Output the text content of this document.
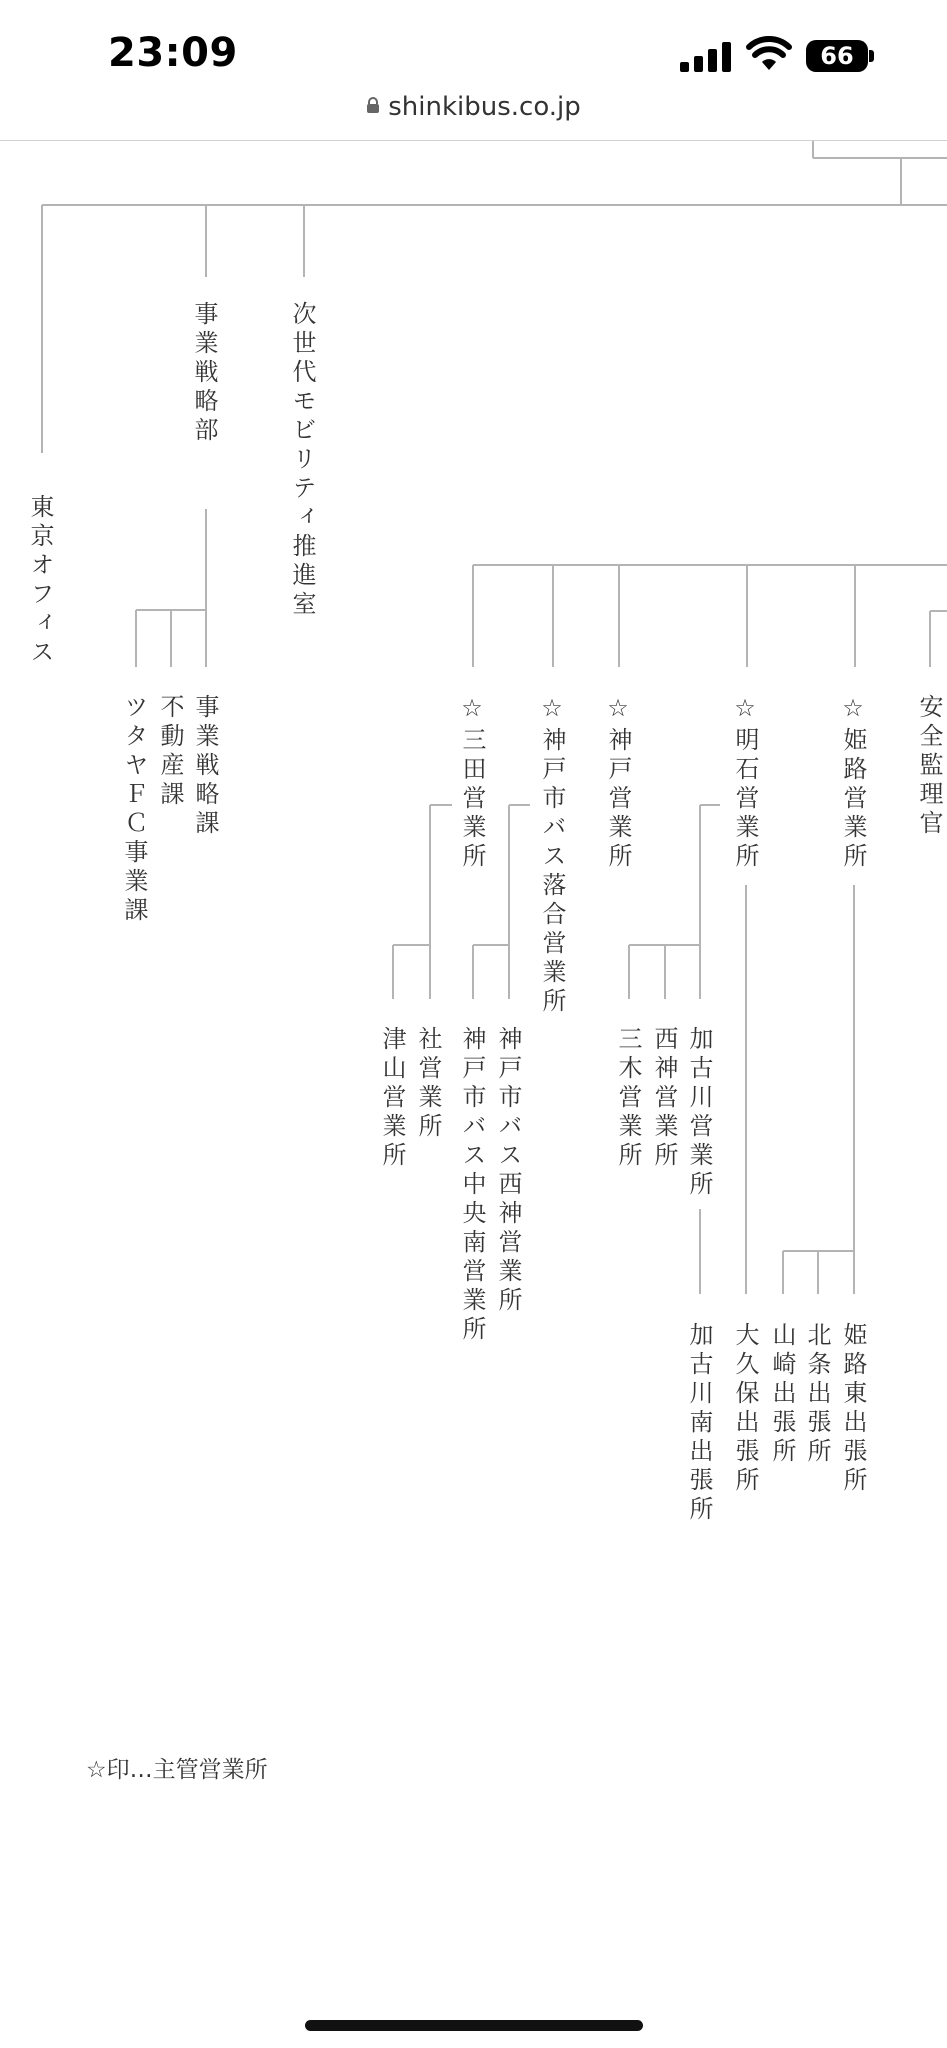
23:09	66
shinkibus.co.jp
東京オフィス
事業戦略部	次世代モビリティ推進室
事業戦略課
不動産課
ツタヤＦＣ事業課	☆三田営業所 ☆神戸市バス落合営業所 ☆神戸営業所	☆明石営業所	☆姫路営業所 安全監理官
社営業所
津山営業所	神戸市バス西神営業所
神戸市バス中央南営業所	加古川営業所
西神営業所
三木営業所
加古川南出張所 大久保出張所	姫路東出張所
北条出張所
山崎出張所
☆印…主管営業所
